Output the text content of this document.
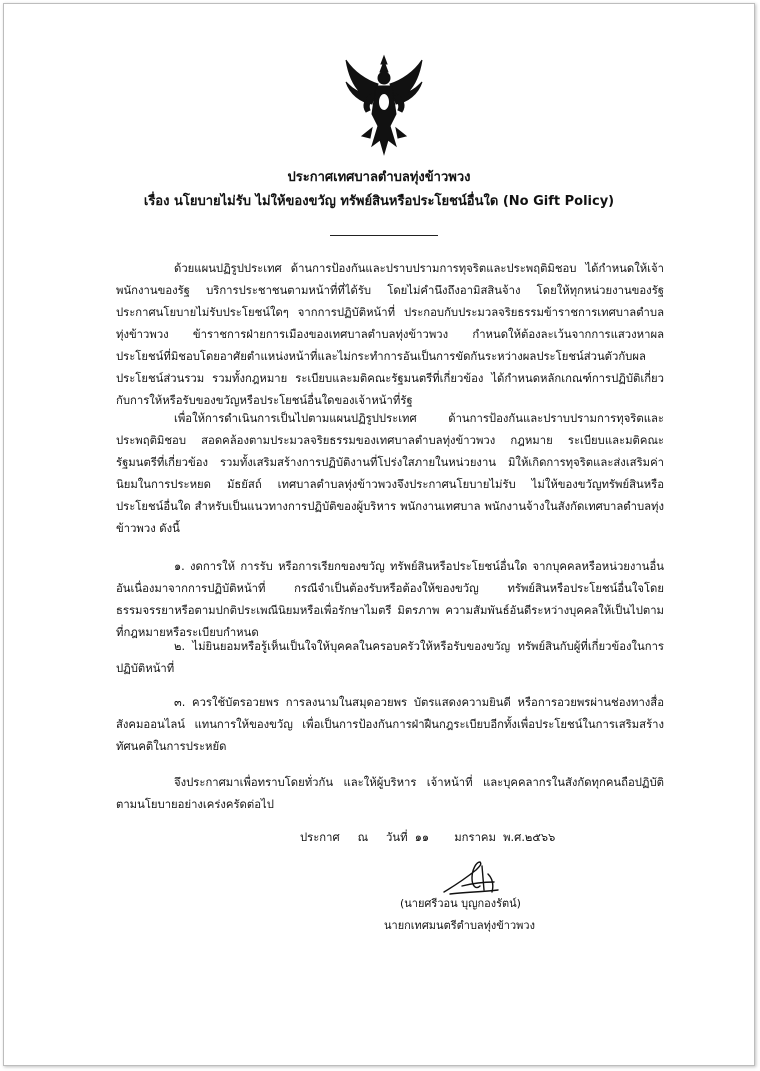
ประกาศเทศบาลตำบลทุ่งข้าวพวง
เรื่อง นโยบายไม่รับ ไม่ให้ของขวัญ ทรัพย์สินหรือประโยชน์อื่นใด (No Gift Policy)

ด้วยแผนปฏิรูปประเทศ ด้านการป้องกันและปราบปรามการทุจริตและประพฤติมิชอบ ได้กำหนดให้เจ้าพนักงานของรัฐ บริการประชาชนตามหน้าที่ที่ได้รับ โดยไม่คำนึงถึงอามิสสินจ้าง โดยให้ทุกหน่วยงานของรัฐประกาศนโยบายไม่รับประโยชน์ใดๆ จากการปฏิบัติหน้าที่ ประกอบกับประมวลจริยธรรมข้าราชการเทศบาลตำบลทุ่งข้าวพวง ข้าราชการฝ่ายการเมืองของเทศบาลตำบลทุ่งข้าวพวง กำหนดให้ต้องละเว้นจากการแสวงหาผลประโยชน์ที่มิชอบโดยอาศัยตำแหน่งหน้าที่และไม่กระทำการอันเป็นการขัดกันระหว่างผลประโยชน์ส่วนตัวกับผลประโยชน์ส่วนรวม รวมทั้งกฎหมาย ระเบียบและมติคณะรัฐมนตรีที่เกี่ยวข้อง ได้กำหนดหลักเกณฑ์การปฏิบัติเกี่ยวกับการให้หรือรับของขวัญหรือประโยชน์อื่นใดของเจ้าหน้าที่รัฐ

เพื่อให้การดำเนินการเป็นไปตามแผนปฏิรูปประเทศ ด้านการป้องกันและปราบปรามการทุจริตและประพฤติมิชอบ สอดคล้องตามประมวลจริยธรรมของเทศบาลตำบลทุ่งข้าวพวง กฎหมาย ระเบียบและมติคณะรัฐมนตรีที่เกี่ยวข้อง รวมทั้งเสริมสร้างการปฏิบัติงานที่โปร่งใสภายในหน่วยงาน มิให้เกิดการทุจริตและส่งเสริมค่านิยมในการประหยด มัธยัสถ์ เทศบาลตำบลทุ่งข้าวพวงจึงประกาศนโยบายไม่รับ ไม่ให้ของขวัญทรัพย์สินหรือประโยชน์อื่นใด สำหรับเป็นแนวทางการปฏิบัติของผู้บริหาร พนักงานเทศบาล พนักงานจ้างในสังกัดเทศบาลตำบลทุ่งข้าวพวง ดังนี้

๑. งดการให้ การรับ หรือการเรียกของขวัญ ทรัพย์สินหรือประโยชน์อื่นใด จากบุคคลหรือหน่วยงานอื่น อันเนื่องมาจากการปฏิบัติหน้าที่ กรณีจำเป็นต้องรับหรือต้องให้ของขวัญ ทรัพย์สินหรือประโยชน์อื่นใจโดยธรรมจรรยาหรือตามปกติประเพณีนิยมหรือเพื่อรักษาไมตรี มิตรภาพ ความสัมพันธ์อันดีระหว่างบุคคลให้เป็นไปตามที่กฎหมายหรือระเบียบกำหนด

๒. ไม่ยินยอมหรือรู้เห็นเป็นใจให้บุคคลในครอบครัวให้หรือรับของขวัญ ทรัพย์สินกับผู้ที่เกี่ยวข้องในการปฏิบัติหน้าที่

๓. ควรใช้บัตรอวยพร การลงนามในสมุดอวยพร บัตรแสดงความยินดี หรือการอวยพรผ่านช่องทางสื่อสังคมออนไลน์ แทนการให้ของขวัญ เพื่อเป็นการป้องกันการฝ่าฝืนกฎระเบียบอีกทั้งเพื่อประโยชน์ในการเสริมสร้างทัศนคติในการประหยัด

จึงประกาศมาเพื่อทราบโดยทั่วกัน และให้ผู้บริหาร เจ้าหน้าที่ และบุคคลากรในสังกัดทุกคนถือปฏิบัติตามนโยบายอย่างเคร่งครัดต่อไป

ประกาศ     ณ     วันที่  ๑๑       มกราคม  พ.ศ.๒๕๖๖
(นายศรีวอน บุญกองรัตน์)
นายกเทศมนตรีตำบลทุ่งข้าวพวง
